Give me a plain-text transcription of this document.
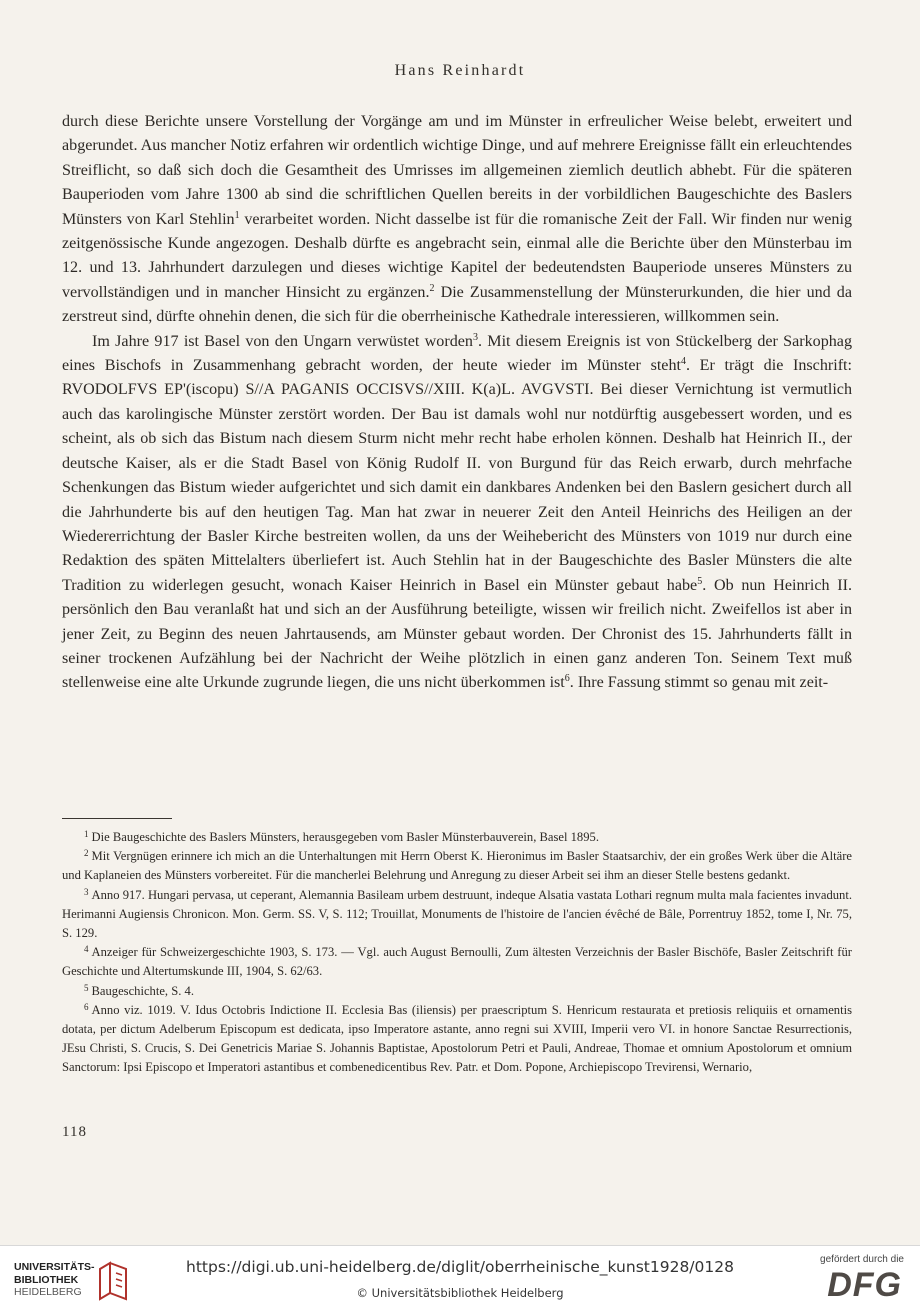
Hans Reinhardt

durch diese Berichte unsere Vorstellung der Vorgänge am und im Münster in erfreulicher Weise belebt, erweitert und abgerundet. Aus mancher Notiz erfahren wir ordentlich wichtige Dinge, und auf mehrere Ereignisse fällt ein erleuchtendes Streiflicht, so daß sich doch die Gesamtheit des Umrisses im allgemeinen ziemlich deutlich abhebt. Für die späteren Bauperioden vom Jahre 1300 ab sind die schriftlichen Quellen bereits in der vorbildlichen Baugeschichte des Baslers Münsters von Karl Stehlin$^1$ verarbeitet worden. Nicht dasselbe ist für die romanische Zeit der Fall. Wir finden nur wenig zeitgenössische Kunde angezogen. Deshalb dürfte es angebracht sein, einmal alle die Berichte über den Münsterbau im 12. und 13. Jahrhundert darzulegen und dieses wichtige Kapitel der bedeutendsten Bauperiode unseres Münsters zu vervollständigen und in mancher Hinsicht zu ergänzen.$^2$ Die Zusammenstellung der Münsterurkunden, die hier und da zerstreut sind, dürfte ohnehin denen, die sich für die oberrheinische Kathedrale interessieren, willkommen sein.

Im Jahre 917 ist Basel von den Ungarn verwüstet worden$^3$. Mit diesem Ereignis ist von Stückelberg der Sarkophag eines Bischofs in Zusammenhang gebracht worden, der heute wieder im Münster steht$^4$. Er trägt die Inschrift: RVODOLFVS EP'(iscopu) S//A PAGANIS OCCISVS//XIII. K(a)L. AVGVSTI. Bei dieser Vernichtung ist vermutlich auch das karolingische Münster zerstört worden. Der Bau ist damals wohl nur notdürftig ausgebessert worden, und es scheint, als ob sich das Bistum nach diesem Sturm nicht mehr recht habe erholen können. Deshalb hat Heinrich II., der deutsche Kaiser, als er die Stadt Basel von König Rudolf II. von Burgund für das Reich erwarb, durch mehrfache Schenkungen das Bistum wieder aufgerichtet und sich damit ein dankbares Andenken bei den Baslern gesichert durch all die Jahrhunderte bis auf den heutigen Tag. Man hat zwar in neuerer Zeit den Anteil Heinrichs des Heiligen an der Wiedererrichtung der Basler Kirche bestreiten wollen, da uns der Weihebericht des Münsters von 1019 nur durch eine Redaktion des späten Mittelalters überliefert ist. Auch Stehlin hat in der Baugeschichte des Basler Münsters die alte Tradition zu widerlegen gesucht, wonach Kaiser Heinrich in Basel ein Münster gebaut habe$^5$. Ob nun Heinrich II. persönlich den Bau veranlaßt hat und sich an der Ausführung beteiligte, wissen wir freilich nicht. Zweifellos ist aber in jener Zeit, zu Beginn des neuen Jahrtausends, am Münster gebaut worden. Der Chronist des 15. Jahrhunderts fällt in seiner trockenen Aufzählung bei der Nachricht der Weihe plötzlich in einen ganz anderen Ton. Seinem Text muß stellenweise eine alte Urkunde zugrunde liegen, die uns nicht überkommen ist$^6$. Ihre Fassung stimmt so genau mit zeit-

$^1$ Die Baugeschichte des Baslers Münsters, herausgegeben vom Basler Münsterbauverein, Basel 1895.

$^2$ Mit Vergnügen erinnere ich mich an die Unterhaltungen mit Herrn Oberst K. Hieronimus im Basler Staatsarchiv, der ein großes Werk über die Altäre und Kaplaneien des Münsters vorbereitet. Für die mancherlei Belehrung und Anregung zu dieser Arbeit sei ihm an dieser Stelle bestens gedankt.

$^3$ Anno 917. Hungari pervasa, ut ceperant, Alemannia Basileam urbem destruunt, indeque Alsatia vastata Lothari regnum multa mala facientes invadunt. Herimanni Augiensis Chronicon. Mon. Germ. SS. V, S. 112; Trouillat, Monuments de l'histoire de l'ancien évêché de Bâle, Porrentruy 1852, tome I, Nr. 75, S. 129.

$^4$ Anzeiger für Schweizergeschichte 1903, S. 173. — Vgl. auch August Bernoulli, Zum ältesten Verzeichnis der Basler Bischöfe, Basler Zeitschrift für Geschichte und Altertumskunde III, 1904, S. 62/63.

$^5$ Baugeschichte, S. 4.

$^6$ Anno viz. 1019. V. Idus Octobris Indictione II. Ecclesia Bas (iliensis) per praescriptum S. Henricum restaurata et pretiosis reliquiis et ornamentis dotata, per dictum Adelberum Episcopum est dedicata, ipso Imperatore astante, anno regni sui XVIII, Imperii vero VI. in honore Sanctae Resurrectionis, JEsu Christi, S. Crucis, S. Dei Genetricis Mariae S. Johannis Baptistae, Apostolorum Petri et Pauli, Andreae, Thomae et omnium Apostolorum et omnium Sanctorum: Ipsi Episcopo et Imperatori astantibus et combenedicentibus Rev. Patr. et Dom. Popone, Archiepiscopo Trevirensi, Wernario,

118
UNIVERSITÄTS-
BIBLIOTHEK
HEIDELBERG
https://digi.ub.uni-heidelberg.de/diglit/oberrheinische_kunst1928/0128
© Universitätsbibliothek Heidelberg
gefördert durch die
DFG
